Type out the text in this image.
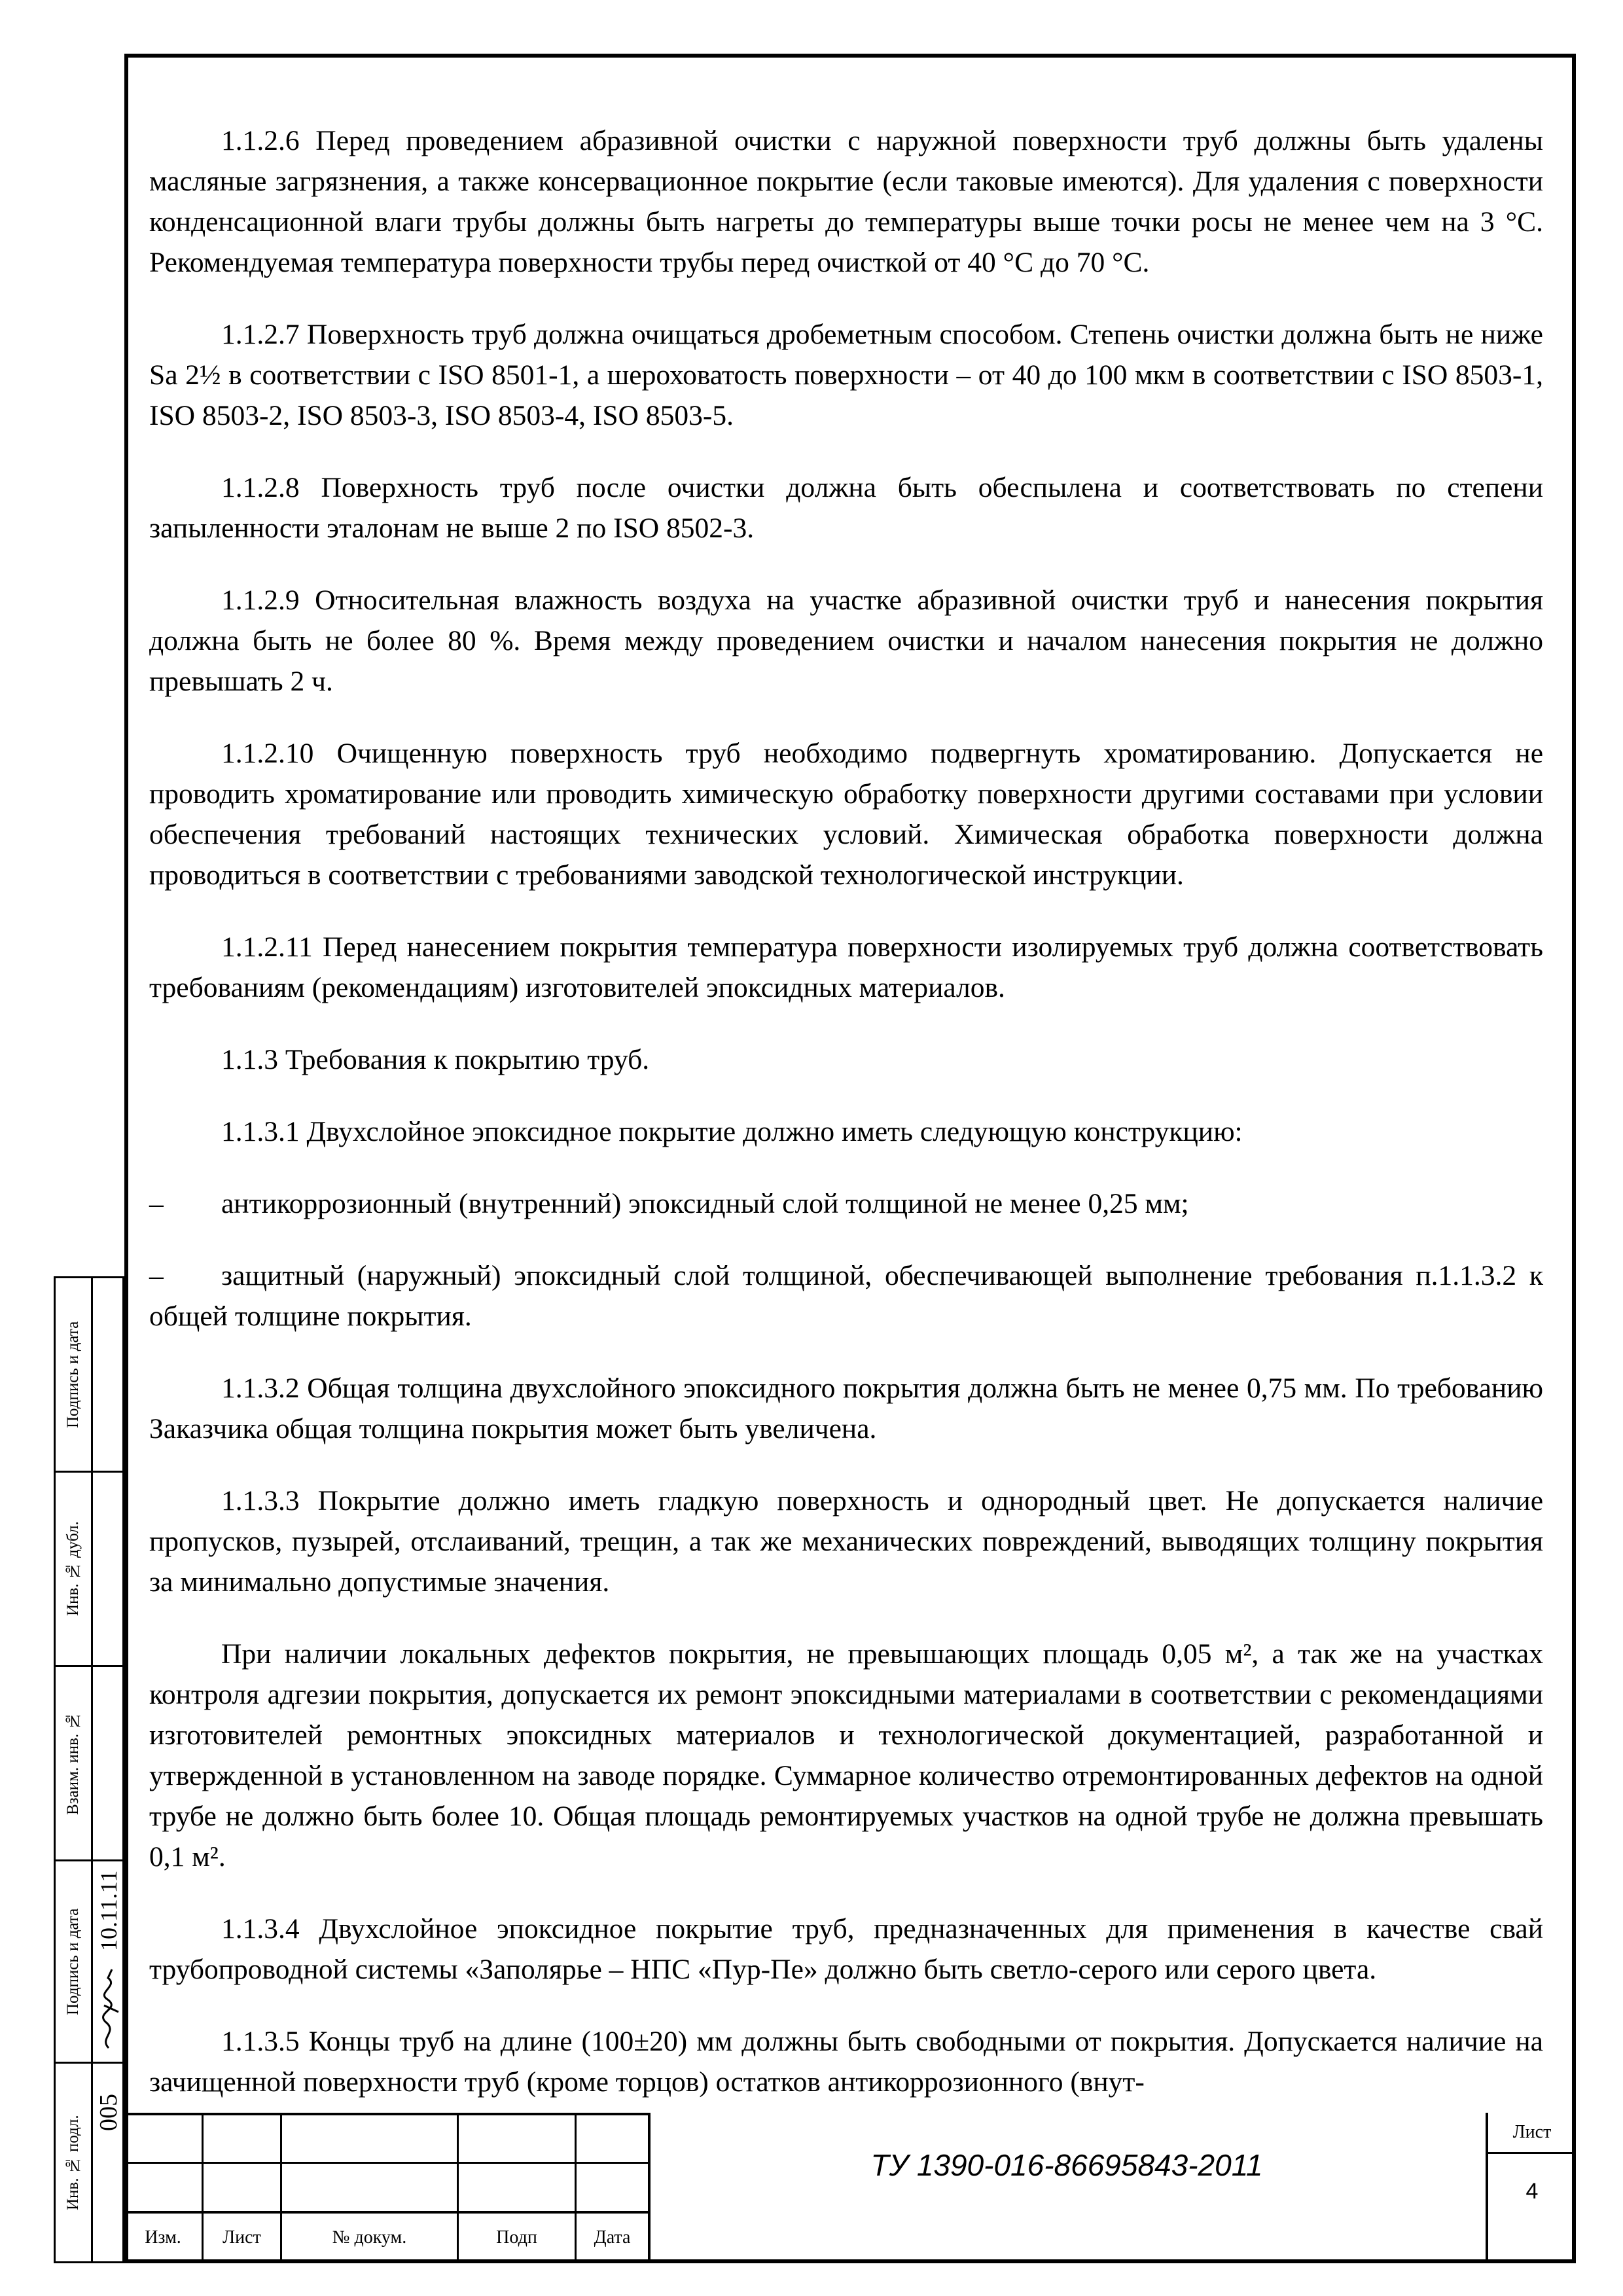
1.1.2.6 Перед проведением абразивной очистки с наружной поверхности труб должны быть удалены масляные загрязнения, а также консервационное покрытие (если таковые имеются). Для удаления с поверхности конденсационной влаги трубы должны быть нагреты до температуры выше точки росы не менее чем на 3 °С. Рекомендуемая температура поверхности трубы перед очисткой от 40 °С до 70 °С.

1.1.2.7 Поверхность труб должна очищаться дробеметным способом. Степень очистки должна быть не ниже Sa 2½ в соответствии с ISO 8501-1, а шероховатость поверхности – от 40 до 100 мкм в соответствии с ISO 8503-1, ISO 8503-2, ISO 8503-3, ISO 8503-4, ISO 8503-5.

1.1.2.8 Поверхность труб после очистки должна быть обеспылена и соответствовать по степени запыленности эталонам не выше 2 по ISO 8502-3.

1.1.2.9 Относительная влажность воздуха на участке абразивной очистки труб и нанесения покрытия должна быть не более 80 %. Время между проведением очистки и началом нанесения покрытия не должно превышать 2 ч.

1.1.2.10 Очищенную поверхность труб необходимо подвергнуть хроматированию. Допускается не проводить хроматирование или проводить химическую обработку поверхности другими составами при условии обеспечения требований настоящих технических условий. Химическая обработка поверхности должна проводиться в соответствии с требованиями заводской технологической инструкции.

1.1.2.11 Перед нанесением покрытия температура поверхности изолируемых труб должна соответствовать требованиям (рекомендациям) изготовителей эпоксидных материалов.

1.1.3 Требования к покрытию труб.

1.1.3.1 Двухслойное эпоксидное покрытие должно иметь следующую конструкцию:

– антикоррозионный (внутренний) эпоксидный слой толщиной не менее 0,25 мм;

– защитный (наружный) эпоксидный слой толщиной, обеспечивающей выполнение требования п.1.1.3.2 к общей толщине покрытия.

1.1.3.2 Общая толщина двухслойного эпоксидного покрытия должна быть не менее 0,75 мм. По требованию Заказчика общая толщина покрытия может быть увеличена.

1.1.3.3 Покрытие должно иметь гладкую поверхность и однородный цвет. Не допускается наличие пропусков, пузырей, отслаиваний, трещин, а так же механических повреждений, выводящих толщину покрытия за минимально допустимые значения.

При наличии локальных дефектов покрытия, не превышающих площадь 0,05 м², а так же на участках контроля адгезии покрытия, допускается их ремонт эпоксидными материалами в соответствии с рекомендациями изготовителей ремонтных эпоксидных материалов и технологической документацией, разработанной и утвержденной в установленном на заводе порядке. Суммарное количество отремонтированных дефектов на одной трубе не должно быть более 10. Общая площадь ремонтируемых участков на одной трубе не должна превышать 0,1 м².

1.1.3.4 Двухслойное эпоксидное покрытие труб, предназначенных для применения в качестве свай трубопроводной системы «Заполярье – НПС «Пур-Пе» должно быть светло-серого или серого цвета.

1.1.3.5 Концы труб на длине (100±20) мм должны быть свободными от покрытия. Допускается наличие на зачищенной поверхности труб (кроме торцов) остатков антикоррозионного (внут-

Подпись и дата
Инв. № дубл.
Взаим. инв. №
Подпись и дата 10.11.11
Инв. № подл.
005
Изм.	Лист	№ докум.	Подп	Дата
ТУ 1390-016-86695843-2011
Лист
4
